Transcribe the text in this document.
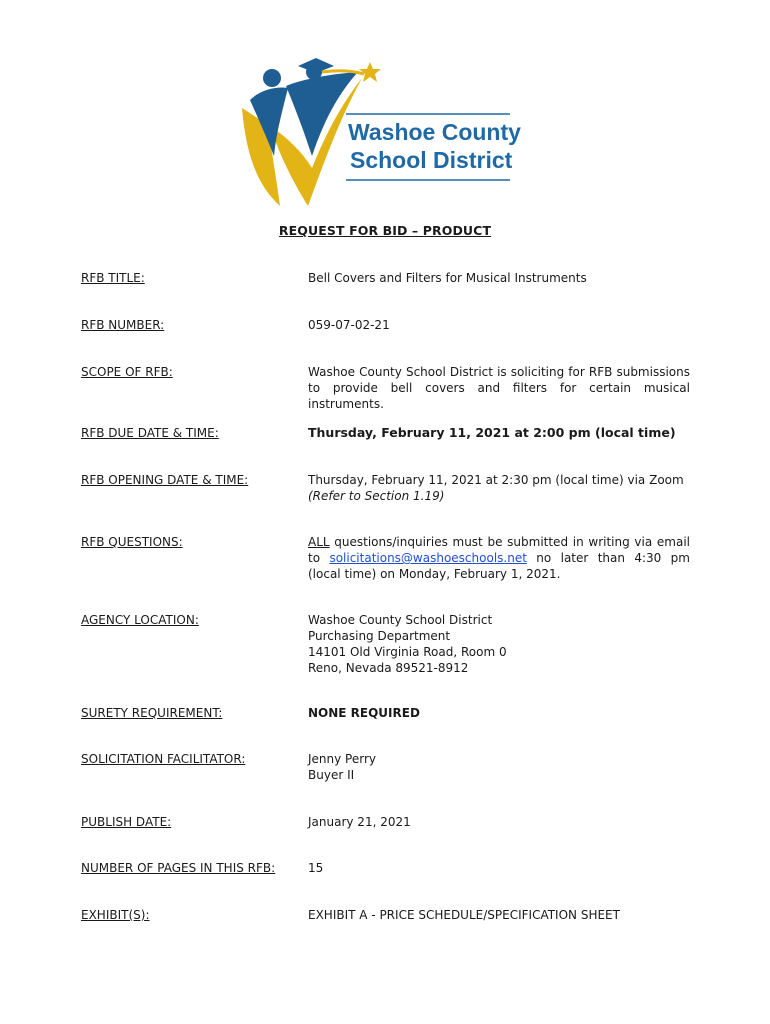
Washoe County
School District
REQUEST FOR BID – PRODUCT
RFB TITLE:	Bell Covers and Filters for Musical Instruments
RFB NUMBER:	059-07-02-21
SCOPE OF RFB:	Washoe County School District is soliciting for RFB submissions to provide bell covers and filters for certain musical instruments.
RFB DUE DATE & TIME:	Thursday, February 11, 2021 at 2:00 pm (local time)
RFB OPENING DATE & TIME:	Thursday, February 11, 2021 at 2:30 pm (local time) via Zoom
(Refer to Section 1.19)
RFB QUESTIONS:	ALL questions/inquiries must be submitted in writing via email to solicitations@washoeschools.net no later than 4:30 pm (local time) on Monday, February 1, 2021.
AGENCY LOCATION:	Washoe County School District
Purchasing Department
14101 Old Virginia Road, Room 0
Reno, Nevada 89521-8912
SURETY REQUIREMENT:	NONE REQUIRED
SOLICITATION FACILITATOR:	Jenny Perry
Buyer II
PUBLISH DATE:	January 21, 2021
NUMBER OF PAGES IN THIS RFB:	15
EXHIBIT(S):	EXHIBIT A - PRICE SCHEDULE/SPECIFICATION SHEET
